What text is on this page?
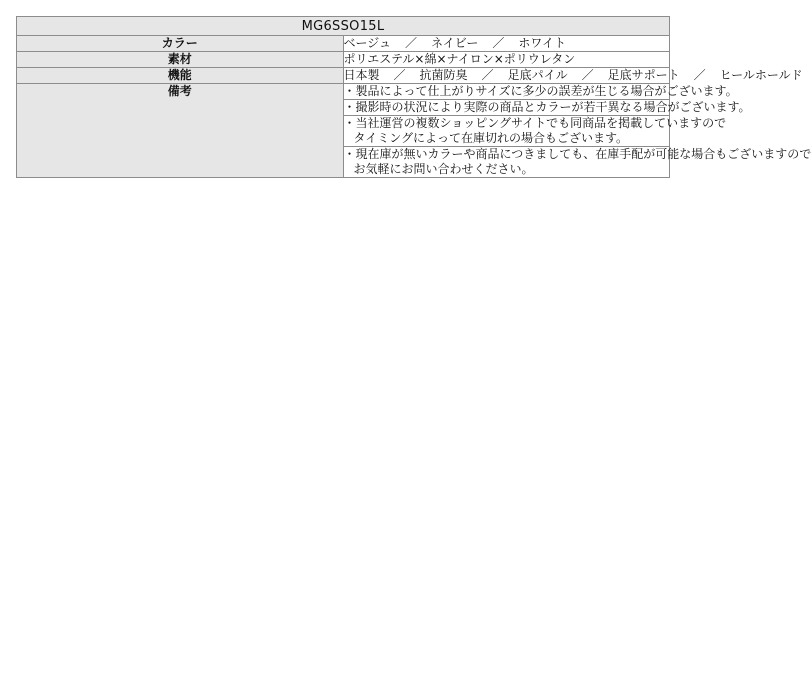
MG6SSO15L	
カラー	ベージュ ／ ネイビー ／ ホワイト
素材	ポリエステル×綿×ナイロン×ポリウレタン
機能	日本製 ／ 抗菌防臭 ／ 足底パイル ／ 足底サポート ／ ヒールホールド
備考	・製品によって仕上がりサイズに多少の誤差が生じる場合がございます。

	・撮影時の状況により実際の商品とカラーが若干異なる場合がございます。

	・当社運営の複数ショッピングサイトでも同商品を掲載していますので
タイミングによって在庫切れの場合もございます。

	・現在庫が無いカラーや商品につきましても、在庫手配が可能な場合もございますので
お気軽にお問い合わせください。
